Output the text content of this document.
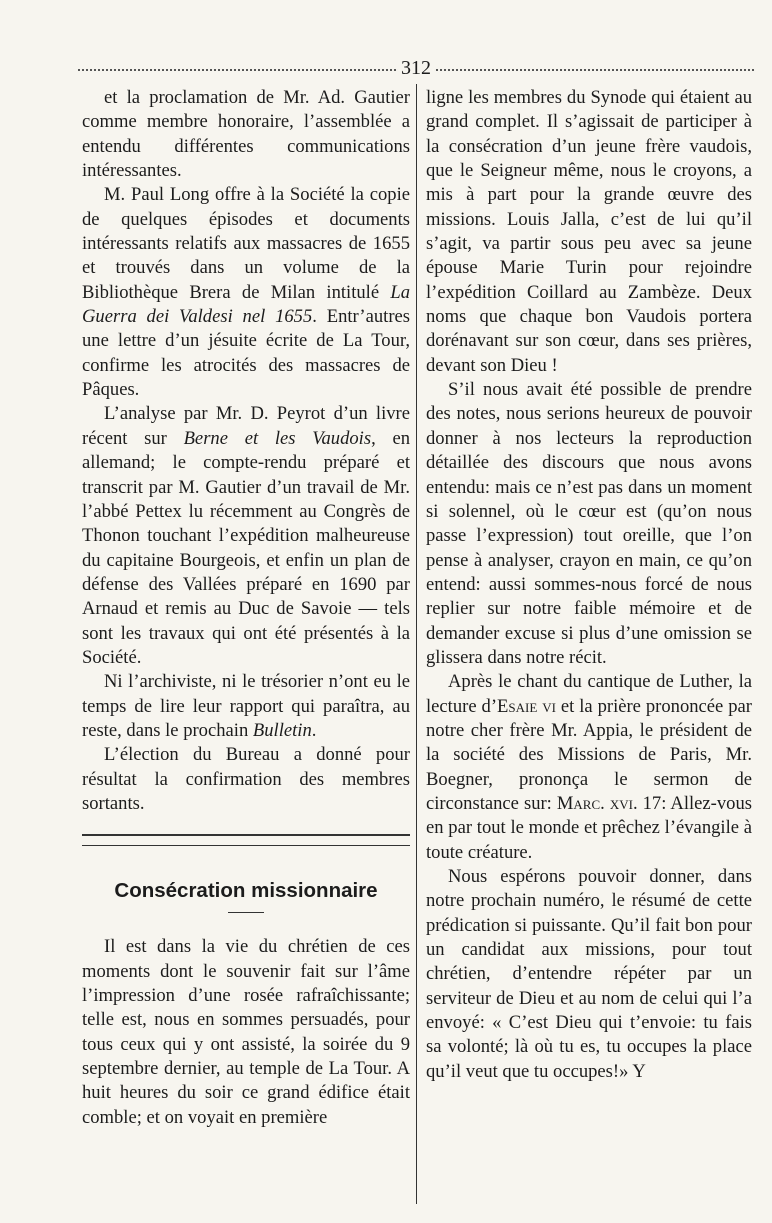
312

et la proclamation de Mr. Ad. Gautier comme membre honoraire, l’assemblée a entendu différentes communications intéressantes.

M. Paul Long offre à la Société la copie de quelques épisodes et documents intéressants relatifs aux massacres de 1655 et trouvés dans un volume de la Bibliothèque Brera de Milan intitulé La Guerra dei Valdesi nel 1655. Entr’autres une lettre d’un jésuite écrite de La Tour, confirme les atrocités des massacres de Pâques.

L’analyse par Mr. D. Peyrot d’un livre récent sur Berne et les Vaudois, en allemand; le compte-rendu préparé et transcrit par M. Gautier d’un travail de Mr. l’abbé Pettex lu récemment au Congrès de Thonon touchant l’expédition malheureuse du capitaine Bourgeois, et enfin un plan de défense des Vallées préparé en 1690 par Arnaud et remis au Duc de Savoie — tels sont les travaux qui ont été présentés à la Société.

Ni l’archiviste, ni le trésorier n’ont eu le temps de lire leur rapport qui paraîtra, au reste, dans le prochain Bulletin.

L’élection du Bureau a donné pour résultat la confirmation des membres sortants.

Consécration missionnaire

Il est dans la vie du chrétien de ces moments dont le souvenir fait sur l’âme l’impression d’une rosée rafraîchissante; telle est, nous en sommes persuadés, pour tous ceux qui y ont assisté, la soirée du 9 septembre dernier, au temple de La Tour. A huit heures du soir ce grand édifice était comble; et on voyait en première

ligne les membres du Synode qui étaient au grand complet. Il s’agissait de participer à la consécration d’un jeune frère vaudois, que le Seigneur même, nous le croyons, a mis à part pour la grande œuvre des missions. Louis Jalla, c’est de lui qu’il s’agit, va partir sous peu avec sa jeune épouse Marie Turin pour rejoindre l’expédition Coillard au Zambèze. Deux noms que chaque bon Vaudois portera dorénavant sur son cœur, dans ses prières, devant son Dieu !

S’il nous avait été possible de prendre des notes, nous serions heureux de pouvoir donner à nos lecteurs la reproduction détaillée des discours que nous avons entendu: mais ce n’est pas dans un moment si solennel, où le cœur est (qu’on nous passe l’expression) tout oreille, que l’on pense à analyser, crayon en main, ce qu’on entend: aussi sommes-nous forcé de nous replier sur notre faible mémoire et de demander excuse si plus d’une omission se glissera dans notre récit.

Après le chant du cantique de Luther, la lecture d’Esaie vi et la prière prononcée par notre cher frère Mr. Appia, le président de la société des Missions de Paris, Mr. Boegner, prononça le sermon de circonstance sur: Marc. xvi. 17: Allez-vous en par tout le monde et prêchez l’évangile à toute créature.

Nous espérons pouvoir donner, dans notre prochain numéro, le résumé de cette prédication si puissante. Qu’il fait bon pour un candidat aux missions, pour tout chrétien, d’entendre répéter par un serviteur de Dieu et au nom de celui qui l’a envoyé: « C’est Dieu qui t’envoie: tu fais sa volonté; là où tu es, tu occupes la place qu’il veut que tu occupes!» Y
